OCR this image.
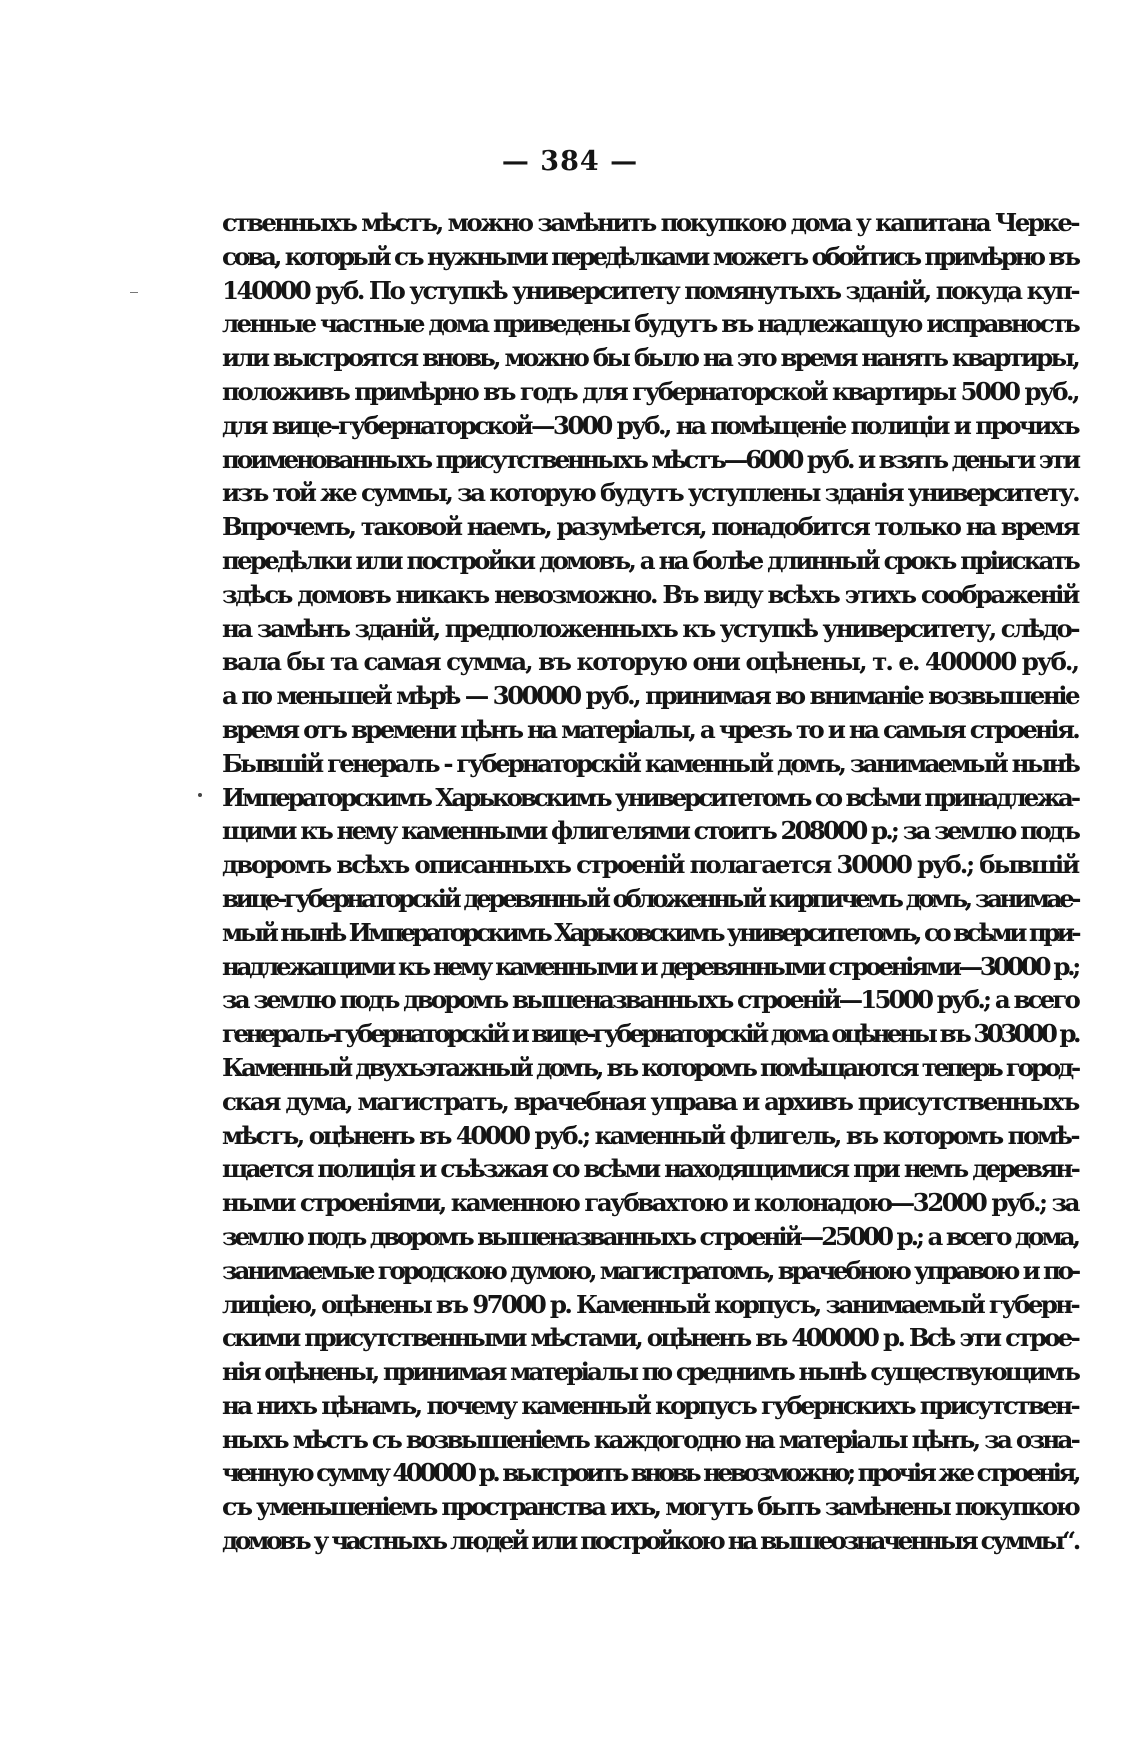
— 384 —
ственныхъ мѣстъ, можно замѣнить покупкою дома у капитана Черке-
сова, который съ нужными передѣлками можетъ обойтись примѣрно въ
140000 руб. По уступкѣ университету помянутыхъ зданій, покуда куп-
ленные частные дома приведены будутъ въ надлежащую исправность
или выстроятся вновь, можно бы было на это время нанять квартиры,
положивъ примѣрно въ годъ для губернаторской квартиры 5000 руб.,
для вице-губернаторской—3000 руб., на помѣщеніе полиціи и прочихъ
поименованныхъ присутственныхъ мѣстъ—6000 руб. и взять деньги эти
изъ той же суммы, за которую будутъ уступлены зданія университету.
Впрочемъ, таковой наемъ, разумѣется, понадобится только на время
передѣлки или постройки домовъ, а на болѣе длинный срокъ пріискать
здѣсь домовъ никакъ невозможно. Въ виду всѣхъ этихъ соображеній
на замѣнъ зданій, предположенныхъ къ уступкѣ университету, слѣдо-
вала бы та самая сумма, въ которую они оцѣнены, т. е. 400000 руб.,
а по меньшей мѣрѣ — 300000 руб., принимая во вниманіе возвышеніе
время отъ времени цѣнъ на матеріалы, а чрезъ то и на самыя строенія.
Бывшій генералъ - губернаторскій каменный домъ, занимаемый нынѣ
Императорскимъ Харьковскимъ университетомъ со всѣми принадлежа-
щими къ нему каменными флигелями стоитъ 208000 р.; за землю подъ
дворомъ всѣхъ описанныхъ строеній полагается 30000 руб.; бывшій
вице-губернаторскій деревянный обложенный кирпичемъ домъ, занимае-
мый нынѣ Императорскимъ Харьковскимъ университетомъ, со всѣми при-
надлежащими къ нему каменными и деревянными строеніями—30000 р.;
за землю подъ дворомъ вышеназванныхъ строеній—15000 руб.; а всего
генералъ-губернаторскій и вице-губернаторскій дома оцѣнены въ 303000 р.
Каменный двухъэтажный домъ, въ которомъ помѣщаются теперь город-
ская дума, магистратъ, врачебная управа и архивъ присутственныхъ
мѣстъ, оцѣненъ въ 40000 руб.; каменный флигель, въ которомъ помѣ-
щается полиція и съѣзжая со всѣми находящимися при немъ деревян-
ными строеніями, каменною гаубвахтою и колонадою—32000 руб.; за
землю подъ дворомъ вышеназванныхъ строеній—25000 р.; а всего дома,
занимаемые городскою думою, магистратомъ, врачебною управою и по-
лиціею, оцѣнены въ 97000 р. Каменный корпусъ, занимаемый губерн-
скими присутственными мѣстами, оцѣненъ въ 400000 р. Всѣ эти строе-
нія оцѣнены, принимая матеріалы по среднимъ нынѣ существующимъ
на нихъ цѣнамъ, почему каменный корпусъ губернскихъ присутствен-
ныхъ мѣстъ съ возвышеніемъ каждогодно на матеріалы цѣнъ, за озна-
ченную сумму 400000 р. выстроить вновь невозможно; прочія же строенія,
съ уменьшеніемъ пространства ихъ, могутъ быть замѣнены покупкою
домовъ у частныхъ людей или постройкою на вышеозначенныя суммы“.
